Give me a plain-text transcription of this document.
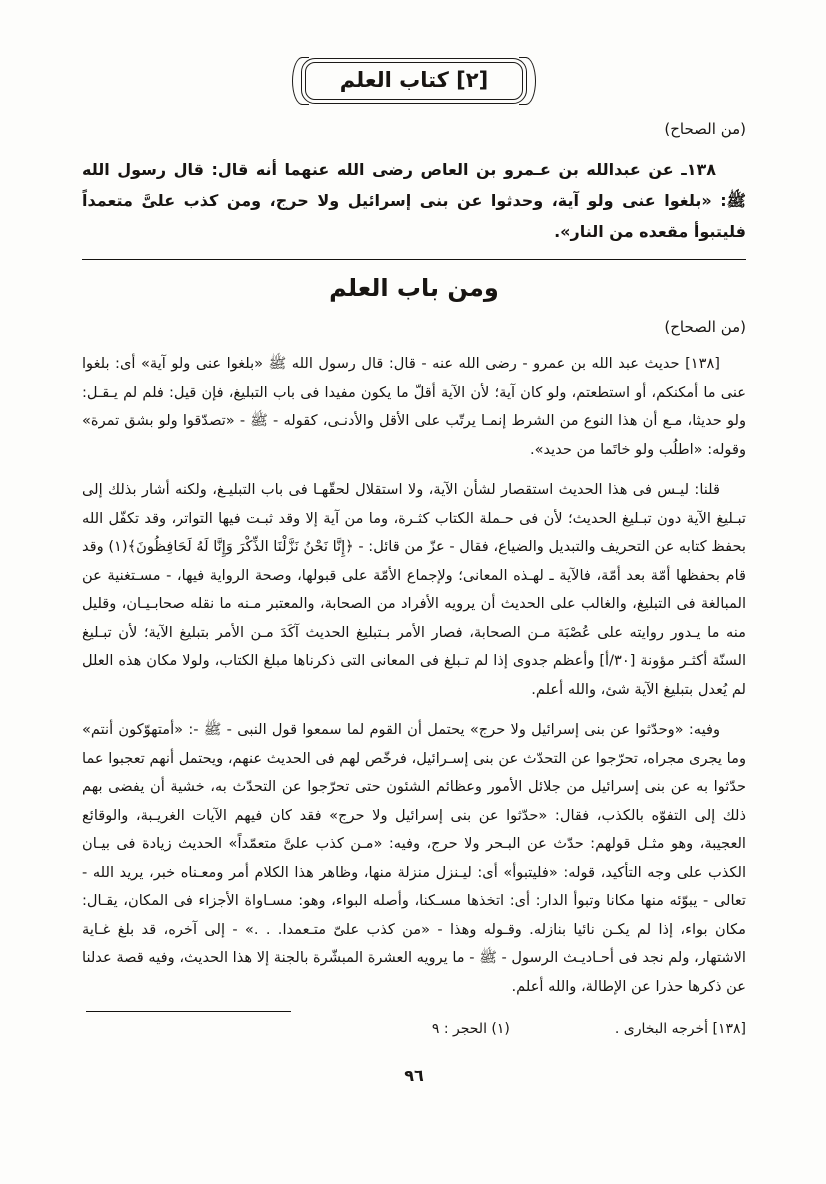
[٢] كتاب العلم
(من الصحاح)

١٣٨ـ عن عبدالله بن عـمرو بن العاص رضى الله عنهما أنه قال: قال رسول الله ﷺ: «بلغوا عنى ولو آية، وحدثوا عن بنى إسرائيل ولا حرج، ومن كذب علىَّ متعمداً فليتبوأ مقعده من النار».

ومن باب العلم
(من الصحاح)

[١٣٨] حديث عبد الله بن عمرو - رضى الله عنه - قال: قال رسول الله ﷺ «بلغوا عنى ولو آية» أى: بلغوا عنى ما أمكنكم، أو استطعتم، ولو كان آية؛ لأن الآية أقلّ ما يكون مفيدا فى باب التبليغ، فإن قيل: فلم لم يـقـل: ولو حديثا، مـع أن هذا النوع من الشرط إنمـا يرتّب على الأقل والأدنـى، كقوله - ﷺ - «تصدّقوا ولو بشق تمرة» وقوله: «اطلُب ولو خاتَما من حديد».

قلنا: ليـس فى هذا الحديث استقصار لشأن الآية، ولا استقلال لحقّهـا فى باب التبليـغ، ولكنه أشار بذلك إلى تبـليغ الآية دون تبـليغ الحديث؛ لأن فى حـملة الكتاب كثـرة، وما من آية إلا وقد ثبـت فيها التواتر، وقد تكفّل الله بحفظ كتابه عن التحريف والتبديل والضياع، فقال - عزّ من قائل: - ﴿إِنَّا نَحْنُ نَزَّلْنَا الذِّكْرَ وَإِنَّا لَهُ لَحَافِظُونَ﴾(١) وقد قام بحفظها أمّة بعد أمّة، فالآية ـ لهـذه المعانى؛ ولإجماع الأمّة على قبولها، وصحة الرواية فيها، - مسـتغنية عن المبالغة فى التبليغ، والغالب على الحديث أن يرويه الأفراد من الصحابة، والمعتبر مـنه ما نقله صحابـيـان، وقليل منه ما يـدور روايته على عُصْبَة مـن الصحابة، فصار الأمر بـتبليغ الحديث آكَدَ مـن الأمر بتبليغ الآية؛ لأن تبـليغ السنّة أكثـر مؤونة [٣٠/أ] وأعظم جدوى إذا لم تـبلغ فى المعانى التى ذكرناها مبلغ الكتاب، ولولا مكان هذه العلل لم يُعدل بتبليغ الآية شئ، والله أعلم.

وفيه: «وحدّثوا عن بنى إسرائيل ولا حرج» يحتمل أن القوم لما سمعوا قول النبى - ﷺ -: «أمتهوّكون أنتم» وما يجرى مجراه، تحرّجوا عن التحدّث عن بنى إسـرائيل، فرخّص لهم فى الحديث عنهم، ويحتمل أنهم تعجبوا عما حدّثوا به عن بنى إسرائيل من جلائل الأمور وعظائم الشئون حتى تحرّجوا عن التحدّث به، خشية أن يفضى بهم ذلك إلى التفوّه بالكذب، فقال: «حدّثوا عن بنى إسرائيل ولا حرج» فقد كان فيهم الآيات الغريـبة، والوقائع العجيبة، وهو مثـل قولهم: حدّث عن البـحر ولا حرج، وفيه: «مـن كذب علىَّ متعمّداً» الحديث زيادة فى بيـان الكذب على وجه التأكيد، قوله: «فليتبوأ» أى: ليـنزل منزلة منها، وظاهر هذا الكلام أمر ومعـناه خبر، يريد الله - تعالى - يبوّئه منها مكانا وتبوأ الدار: أى: اتخذها مسـكنا، وأصله البواء، وهو: مسـاواة الأجزاء فى المكان، يقـال: مكان بواء، إذا لم يكـن نائيا بنازله. وقـوله وهذا - «من كذب علىّ متـعمدا. . .» - إلى آخره، قد بلغ غـاية الاشتهار، ولم نجد فى أحـاديـث الرسول - ﷺ - ما يرويه العشرة المبشّرة بالجنة إلا هذا الحديث، وفيه قصة عدلنا عن ذكرها حذرا عن الإطالة، والله أعلم.

[١٣٨] أخرجه البخارى .
(١) الحجر : ٩
٩٦
